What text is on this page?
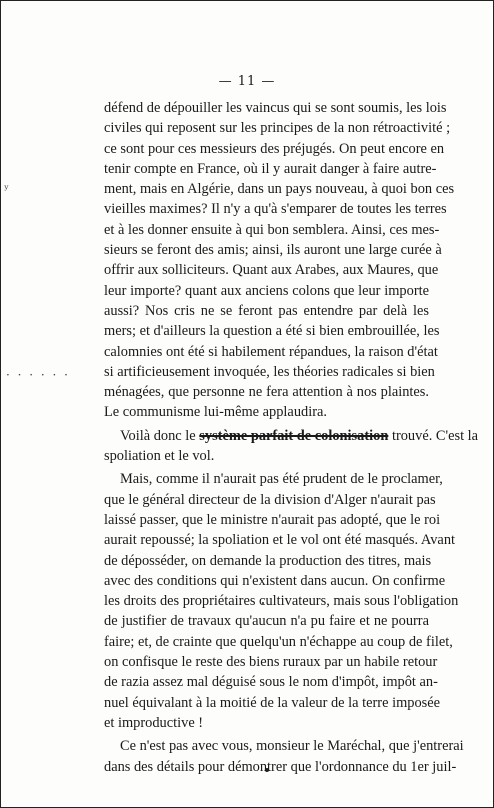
— 11 —
ʸ
· · · · · ·
défend de dépouiller les vaincus qui se sont soumis, les lois
civiles qui reposent sur les principes de la non rétroactivité ;
ce sont pour ces messieurs des préjugés. On peut encore en
tenir compte en France, où il y aurait danger à faire autre-
ment, mais en Algérie, dans un pays nouveau, à quoi bon ces
vieilles maximes? Il n'y a qu'à s'emparer de toutes les terres
et à les donner ensuite à qui bon semblera. Ainsi, ces mes-
sieurs se feront des amis; ainsi, ils auront une large curée à
offrir aux solliciteurs. Quant aux Arabes, aux Maures, que
leur importe? quant aux anciens colons que leur importe
aussi? Nos cris ne se feront pas entendre par delà les
mers; et d'ailleurs la question a été si bien embrouillée, les
calomnies ont été si habilement répandues, la raison d'état
si artificieusement invoquée, les théories radicales si bien
ménagées, que personne ne fera attention à nos plaintes.
Le communisme lui-même applaudira.
Voilà donc le système parfait de colonisation trouvé. C'est la
spoliation et le vol.
Mais, comme il n'aurait pas été prudent de le proclamer,
que le général directeur de la division d'Alger n'aurait pas
laissé passer, que le ministre n'aurait pas adopté, que le roi
aurait repoussé; la spoliation et le vol ont été masqués. Avant
de déposséder, on demande la production des titres, mais
avec des conditions qui n'existent dans aucun. On confirme
les droits des propriétaires cultivateurs, mais sous l'obligation
de justifier de travaux qu'aucun n'a pu faire et ne pourra
faire; et, de crainte que quelqu'un n'échappe au coup de filet,
on confisque le reste des biens ruraux par un habile retour
de razia assez mal déguisé sous le nom d'impôt, impôt an-
nuel équivalant à la moitié de la valeur de la terre imposée
et improductive !
Ce n'est pas avec vous, monsieur le Maréchal, que j'entrerai
dans des détails pour démontrer que l'ordonnance du 1er juil-
